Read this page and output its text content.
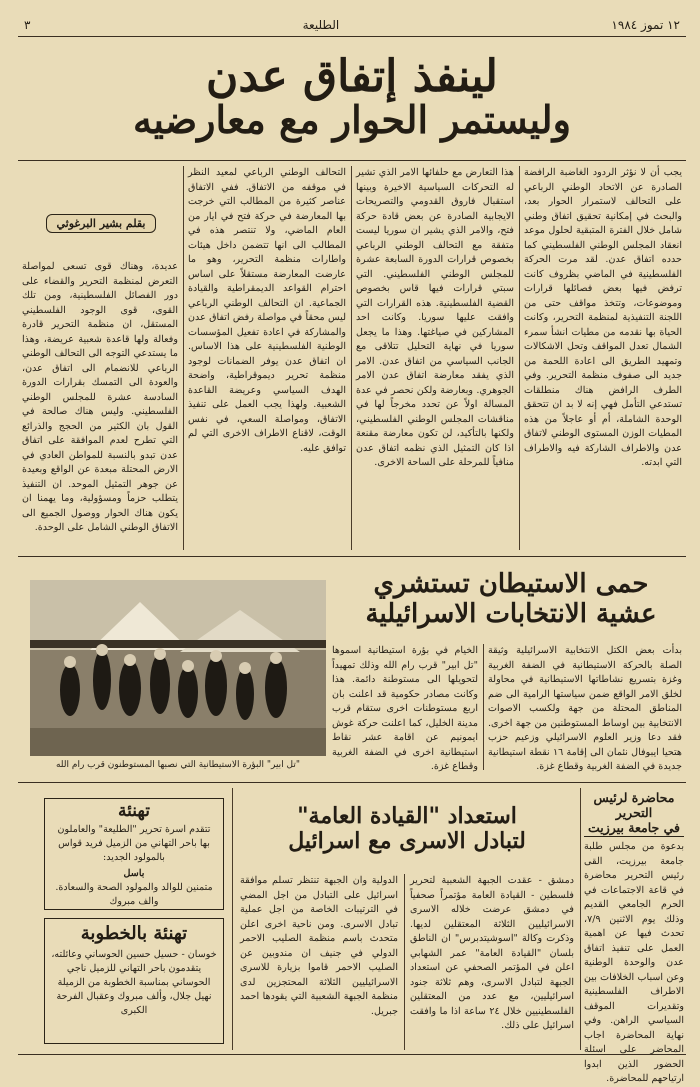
١٢ تموز ١٩٨٤
الطليعة
٣
لينفذ إتفاق عدن
وليستمر الحوار مع معارضيه
يجب أن لا نؤثر الردود الغاضبة الرافضة الصادرة عن الاتحاد الوطني الرباعي على التحالف لاستمرار الحوار بعد، والبحث في إمكانية تحقيق اتفاق وطني شامل خلال الفترة المتبقية لحلول موعد انعقاد المجلس الوطني الفلسطيني كما حدده اتفاق عدن. لقد مرت الحركة الفلسطينية في الماضي بظروف كانت ترفض فيها بعض فصائلها قرارات وموضوعات، وتتخذ مواقف حتى من اللجنة التنفيذية لمنظمة التحرير، وكانت الحياة بها نقدمه من مطيات انشأ سمرء الشمال تعدل المواقف وتحل الاشكالات وتمهيد الطريق الى اعادة اللحمة من جديد الى صفوف منظمة التحرير. وفي الطرف الرافض هناك منطلقات تستدعي التأمل فهي إنه لا بد ان تتحقق الوحدة الشاملة، أم أو عاجلاً من هذه المطيات الوزن المستوى الوطني لاتفاق عدن والاطراف الشاركة فيه والاطراف التي ابدته.
هذا التعارض مع حلفائها الامر الذي تشير له التحركات السياسية الاخيرة وبينها استقبال فاروق القدومي والتصريحات الايجابية الصادرة عن بعض قادة حركة فتح، والامر الذي يشير ان سوريا ليست متفقة مع التحالف الوطني الرباعي بخصوص قرارات الدورة السابعة عشرة للمجلس الوطني الفلسطيني. التي سبتي قرارات فيها قاس بخصوص القضية الفلسطينية. هذه القرارات التي وافقت عليها سوريا. وكانت احد المشاركين في صياغتها. وهذا ما يجعل سوريا في نهاية التحليل تتلاقى مع الجانب السياسي من اتفاق عدن. الامر الذي يفقد معارضة اتفاق عدن الامر الجوهري. وبعارضة ولكن نحصر في عدة المسالة اولاً عن تحدد مخرجاً لها في مناقشات المجلس الوطني الفلسطيني، ولكنها بالتأكيد، لن تكون معارضة مقنعة اذا كان التمثيل الذي نظمه اتفاق عدن منافياً للمرحلة على الساحة الاخرى.
التحالف الوطني الرباعي لمعيد النظر في موقفه من الاتفاق. ففي الاتفاق عناصر كثيرة من المطالب التي خرجت بها المعارضة في حركة فتح في ايار من العام الماضي، ولا تنتصر هذه في المطالب الى انها تتضمن داخل هيئات واطارات منظمة التحرير، وهو ما عارضت المعارضة مستقلاً على اساس احترام القواعد الديمقراطية والقيادة الجماعية. ان التحالف الوطني الرباعي ليس محقاً في مواصلة رفض اتفاق عدن والمشاركة في اعادة تفعيل المؤسسات الوطنية الفلسطينية على هذا الاساس. ان اتفاق عدن يوفر الضمانات لوجود منظمة تحرير ديموقراطية، واضحة الهدف السياسي وعريضة القاعدة الشعبية. ولهذا يجب العمل على تنفيذ الاتفاق، ومواصلة السعي، في نفس الوقت، لاقناع الاطراف الاخرى التي لم توافق عليه.
عديدة، وهناك قوى تسعى لمواصلة التعرض لمنظمة التحرير والقضاء على دور الفصائل الفلسطينية، ومن تلك القوى، قوى الوجود الفلسطيني المستقل، ان منظمة التحرير قادرة وفعالة ولها قاعدة شعبية عريضة، وهذا ما يستدعي التوجه الى التحالف الوطني الرباعي للانضمام الى اتفاق عدن، والعودة الى التمسك بقرارات الدورة السادسة عشرة للمجلس الوطني الفلسطيني. وليس هناك صالحة في القول بان الكثير من الحجج والذرائع التي تطرح لعدم الموافقة على اتفاق عدن تبدو بالنسبة للمواطن العادي في الارض المحتلة مبعدة عن الواقع وبعيدة عن جوهر التمثيل الموحد. ان التنفيذ يتطلب حزماً ومسؤولية، وما يهمنا ان يكون هناك الحوار ووصول الجميع الى الاتفاق الوطني الشامل على الوحدة.
بقلم بشير البرغوثي
حمى الاستيطان تستشري
عشية الانتخابات الاسرائيلية
"تل ابير" البؤرة الاستيطانية التي نصبها المستوطنون قرب رام الله
بدأت بعض الكتل الانتخابية الاسرائيلية وثيقة الصلة بالحركة الاستيطانية في الضفة الغربية وغزة بتسريع نشاطاتها الاستيطانية في محاولة لخلق الامر الواقع ضمن سياستها الرامية الى ضم المناطق المحتلة من جهة ولكسب الاصوات الانتخابية بين اوساط المستوطنين من جهة اخرى. فقد دعا وزير العلوم الاسرائيلي وزعيم حزب هتحيا ايبوفال نئمان الى إقامة ١٦ نقطة استيطانية جديدة في الضفة الغربية وقطاع غزة.
الخيام في بؤرة استيطانية اسموها "تل ابير" قرب رام الله وذلك تمهيداً لتحويلها الى مستوطنة دائمة. هذا وكانت مصادر حكومية قد اعلنت بان اربع مستوطنات اخرى ستقام قرب مدينة الخليل، كما اعلنت حركة غوش ايمونيم عن اقامة عشر نقاط استيطانية اخرى في الضفة الغربية وقطاع غزة.
تهنئة
تتقدم اسرة تحرير "الطليعة" والعاملون بها باحر التهاني من الزميل فريد قواس بالمولود الجديد:
باسل
متمنين للوالد والمولود الصحة والسعادة. والف مبروك
تهنئة بالخطوبة
خوسان - حسيل حسين الحوساني وعائلته، يتقدمون باحر التهاني للزميل ناجي الحوساني بمناسبة الخطوبة من الزميلة نهيل جلال، وألف مبروك وعقبال الفرحة الكبرى
استعداد "القيادة العامة"
لتبادل الاسرى مع اسرائيل
دمشق - عقدت الجبهة الشعبية لتحرير فلسطين - القيادة العامة مؤتمراً صحفياً في دمشق عرضت خلاله الاسرى الاسرائيليين الثلاثة المعتقلين لديها. وذكرت وكالة "اسوشيتدبرس" ان الناطق بلسان "القيادة العامة" عمر الشهابي اعلن في المؤتمر الصحفي عن استعداد الجبهة لتبادل الاسرى، وهم ثلاثة جنود اسرائيليين، مع عدد من المعتقلين الفلسطينيين خلال ٢٤ ساعة اذا ما وافقت اسرائيل على ذلك.
الدولية وان الجبهة تنتظر تسلم موافقة اسرائيل على التبادل من اجل المضي في الترتيبات الخاصة من اجل عملية تبادل الاسرى. ومن ناحية اخرى اعلن متحدث باسم منظمة الصليب الاحمر الدولي في جنيف ان مندوبين عن الصليب الاحمر قاموا بزيارة للاسرى الاسرائيليين الثلاثة المحتجزين لدى منظمة الجبهة الشعبية التي يقودها احمد جبريل.
محاضرة لرئيس التحرير
في جامعة بيرزيت
بدعوة من مجلس طلبة جامعة بيرزيت، القى رئيس التحرير محاضرة في قاعة الاجتماعات في الحرم الجامعي القديم وذلك يوم الاثنين ٧/٩، تحدث فيها عن اهمية العمل على تنفيذ اتفاق عدن والوحدة الوطنية وعن اسباب الخلافات بين الاطراف الفلسطينية وتقديرات الموقف السياسي الراهن. وفي نهاية المحاضرة اجاب المحاضر على اسئلة الحضور الذين ابدوا ارتياحهم للمحاضرة.
